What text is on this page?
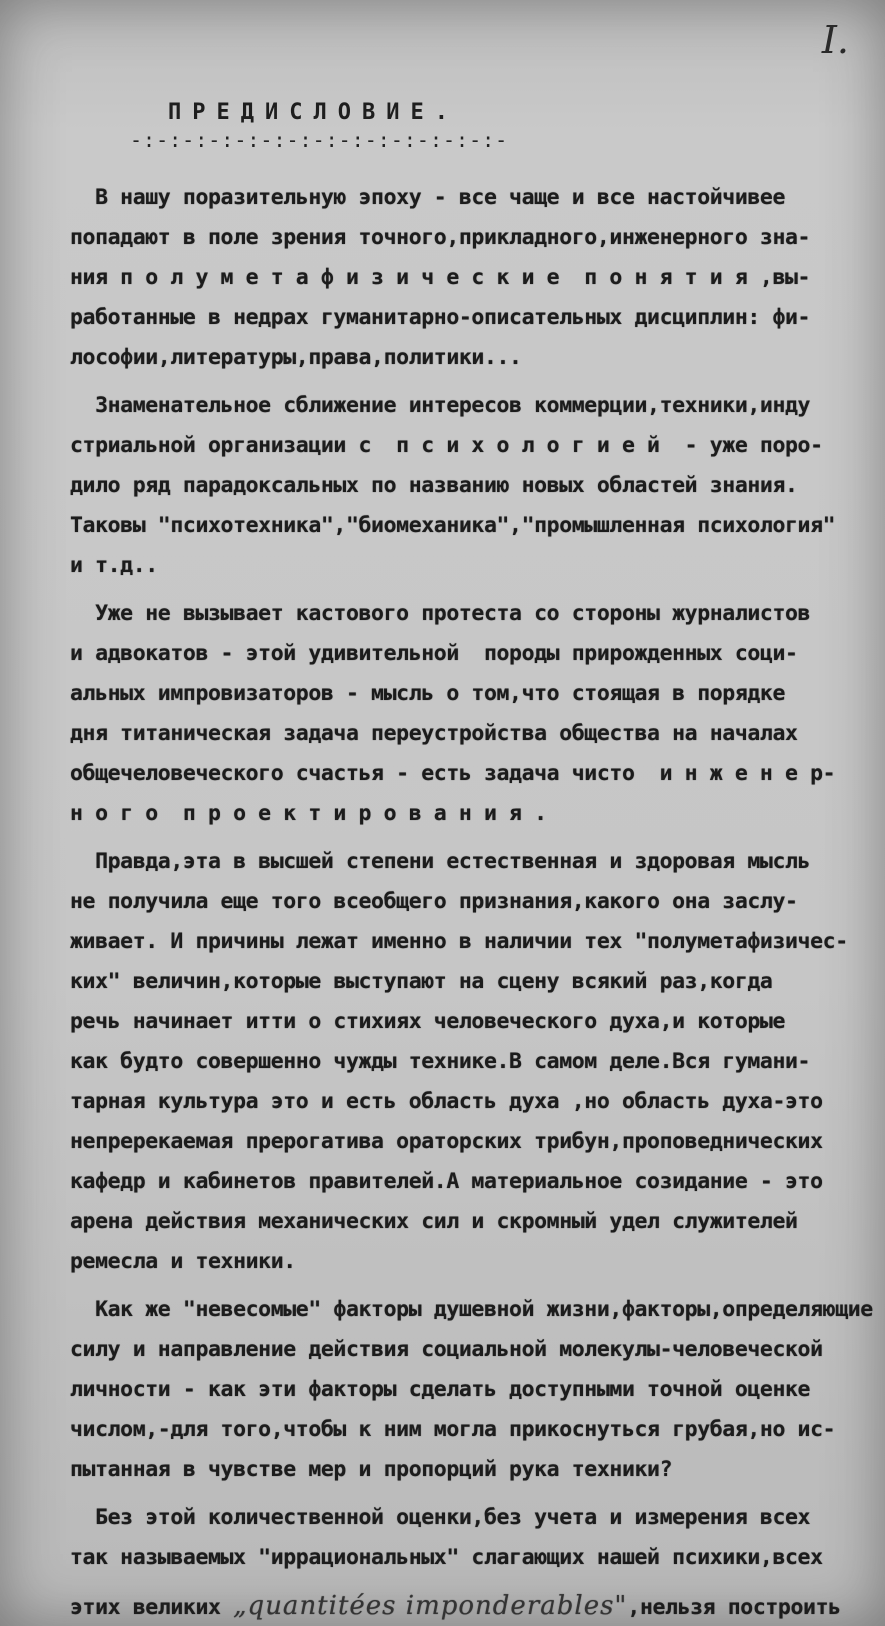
I.
ПРЕДИСЛОВИЕ.
-:-:-:-:-:-:-:-:-:-:-:-:-:-:-
В нашу поразительную эпоху - все чаще и все настойчивее
попадают в поле зрения точного,прикладного,инженерного зна-
ния п о л у м е т а ф и з и ч е с к и е  п о н я т и я ,вы-
работанные в недрах гуманитарно-описательных дисциплин: фи-
лософии,литературы,права,политики...
Знаменательное сближение интересов коммерции,техники,инду
стриальной организации с  п с и х о л о г и е й  - уже поро-
дило ряд парадоксальных по названию новых областей знания.
Таковы "психотехника","биомеханика","промышленная психология"
и т.д..
Уже не вызывает кастового протеста со стороны журналистов
и адвокатов - этой удивительной  породы прирожденных соци-
альных импровизаторов - мысль о том,что стоящая в порядке
дня титаническая задача переустройства общества на началах
общечеловеческого счастья - есть задача чисто  и н ж е н е р-
н о г о  п р о е к т и р о в а н и я .
Правда,эта в высшей степени естественная и здоровая мысль
не получила еще того всеобщего признания,какого она заслу-
живает. И причины лежат именно в наличии тех "полуметафизичес-
ких" величин,которые выступают на сцену всякий раз,когда
речь начинает итти о стихиях человеческого духа,и которые
как будто совершенно чужды технике.В самом деле.Вся гумани-
тарная культура это и есть область духа ,но область духа-это
непререкаемая прерогатива ораторских трибун,проповеднических
кафедр и кабинетов правителей.А материальное созидание - это
арена действия механических сил и скромный удел служителей
ремесла и техники.
Как же "невесомые" факторы душевной жизни,факторы,определяющие
силу и направление действия социальной молекулы-человеческой
личности - как эти факторы сделать доступными точной оценке
числом,-для того,чтобы к ним могла прикоснуться грубая,но ис-
пытанная в чувстве мер и пропорций рука техники?
Без этой количественной оценки,без учета и измерения всех
так называемых "иррациональных" слагающих нашей психики,всех
этих великих „quantitées imponderables",нельзя построить
